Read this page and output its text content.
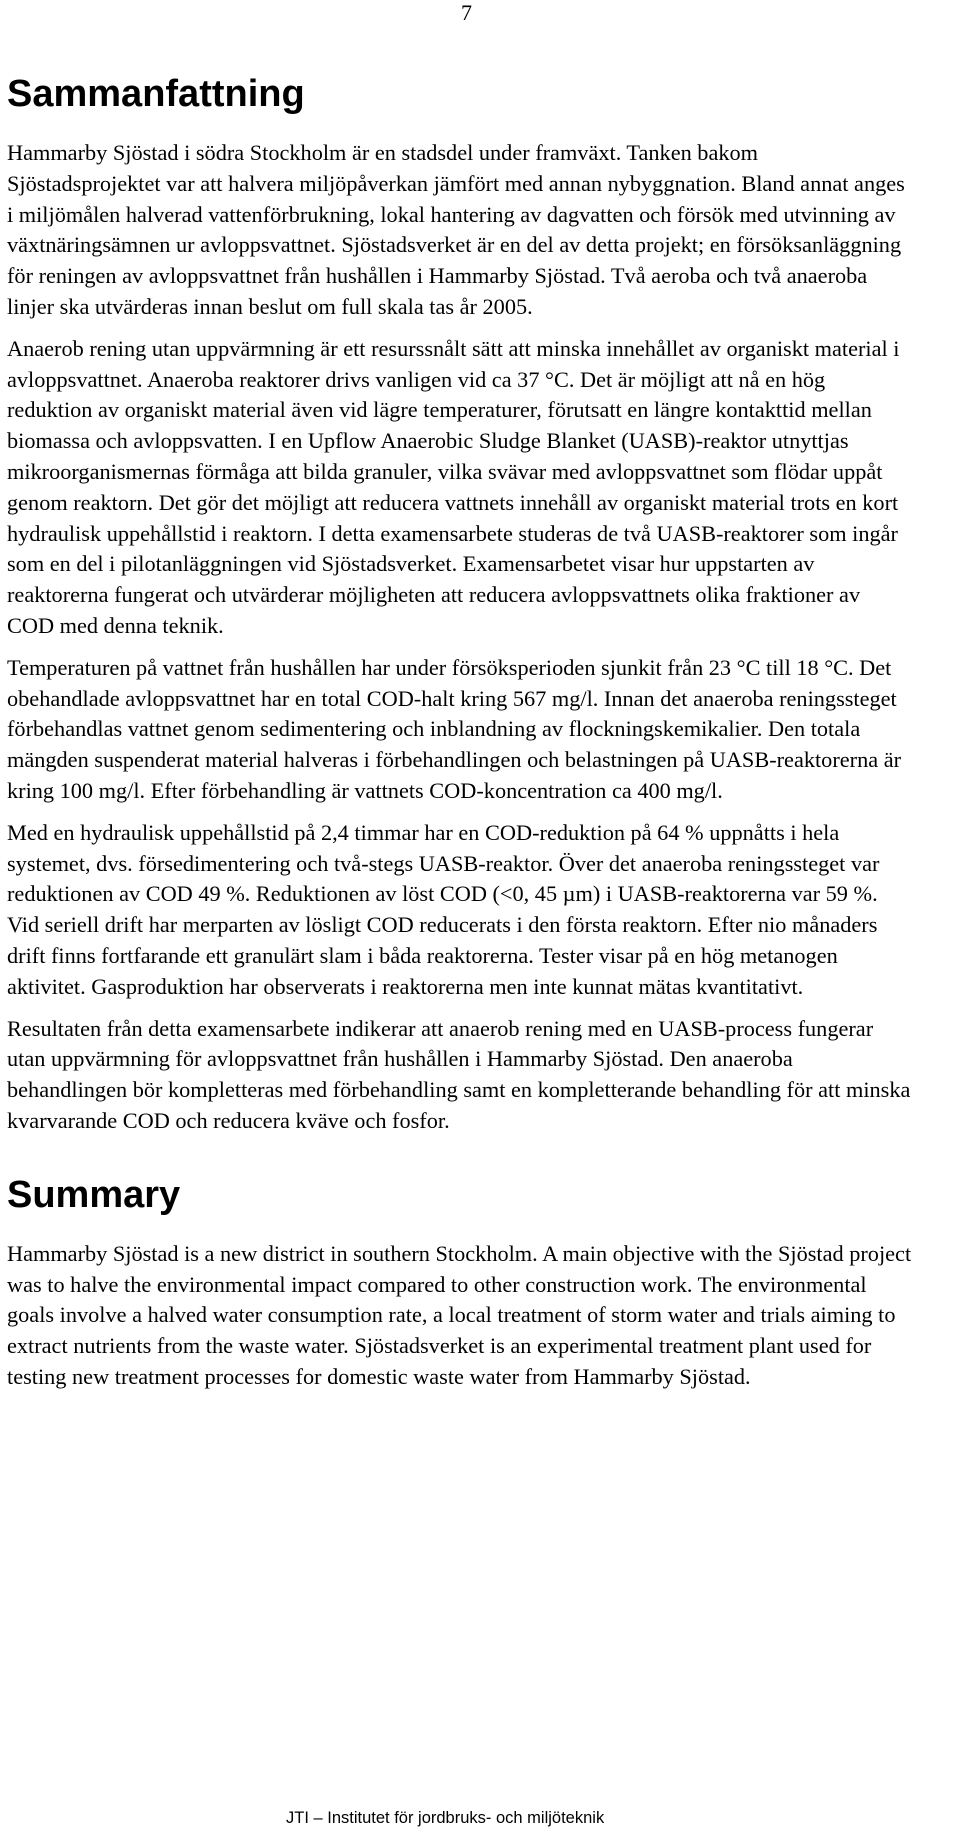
7
Sammanfattning

Hammarby Sjöstad i södra Stockholm är en stadsdel under framväxt. Tanken bakom Sjöstadsprojektet var att halvera miljöpåverkan jämfört med annan nybyggnation. Bland annat anges i miljömålen halverad vattenförbrukning, lokal hantering av dagvatten och försök med utvinning av växtnäringsämnen ur avloppsvattnet. Sjöstadsverket är en del av detta projekt; en försöksanläggning för reningen av avloppsvattnet från hushållen i Hammarby Sjöstad. Två aeroba och två anaeroba linjer ska utvärderas innan beslut om full skala tas år 2005.

Anaerob rening utan uppvärmning är ett resurssnålt sätt att minska innehållet av organiskt material i avloppsvattnet. Anaeroba reaktorer drivs vanligen vid ca 37 °C. Det är möjligt att nå en hög reduktion av organiskt material även vid lägre temperaturer, förutsatt en längre kontakttid mellan biomassa och avloppsvatten. I en Upflow Anaerobic Sludge Blanket (UASB)-reaktor utnyttjas mikroorganismernas förmåga att bilda granuler, vilka svävar med avloppsvattnet som flödar uppåt genom reaktorn. Det gör det möjligt att reducera vattnets innehåll av organiskt material trots en kort hydraulisk uppehållstid i reaktorn. I detta examensarbete studeras de två UASB-reaktorer som ingår som en del i pilotanläggningen vid Sjöstadsverket. Examensarbetet visar hur uppstarten av reaktorerna fungerat och utvärderar möjligheten att reducera avloppsvattnets olika fraktioner av COD med denna teknik.

Temperaturen på vattnet från hushållen har under försöksperioden sjunkit från 23 °C till 18 °C. Det obehandlade avloppsvattnet har en total COD-halt kring 567 mg/l. Innan det anaeroba reningssteget förbehandlas vattnet genom sedimentering och inblandning av flockningskemikalier. Den totala mängden suspenderat material halveras i förbehandlingen och belastningen på UASB-reaktorerna är kring 100 mg/l. Efter förbehandling är vattnets COD-koncentration ca 400 mg/l.

Med en hydraulisk uppehållstid på 2,4 timmar har en COD-reduktion på 64 % uppnåtts i hela systemet, dvs. försedimentering och två-stegs UASB-reaktor. Över det anaeroba reningssteget var reduktionen av COD 49 %. Reduktionen av löst COD (<0, 45 µm) i UASB-reaktorerna var 59 %. Vid seriell drift har merparten av lösligt COD reducerats i den första reaktorn. Efter nio månaders drift finns fortfarande ett granulärt slam i båda reaktorerna. Tester visar på en hög metanogen aktivitet. Gasproduktion har observerats i reaktorerna men inte kunnat mätas kvantitativt.

Resultaten från detta examensarbete indikerar att anaerob rening med en UASB-process fungerar utan uppvärmning för avloppsvattnet från hushållen i Hammarby Sjöstad. Den anaeroba behandlingen bör kompletteras med förbehandling samt en kompletterande behandling för att minska kvarvarande COD och reducera kväve och fosfor.

Summary

Hammarby Sjöstad is a new district in southern Stockholm. A main objective with the Sjöstad project was to halve the environmental impact compared to other construction work. The environmental goals involve a halved water consumption rate, a local treatment of storm water and trials aiming to extract nutrients from the waste water. Sjöstadsverket is an experimental treatment plant used for testing new treatment processes for domestic waste water from Hammarby Sjöstad.

JTI – Institutet för jordbruks- och miljöteknik
